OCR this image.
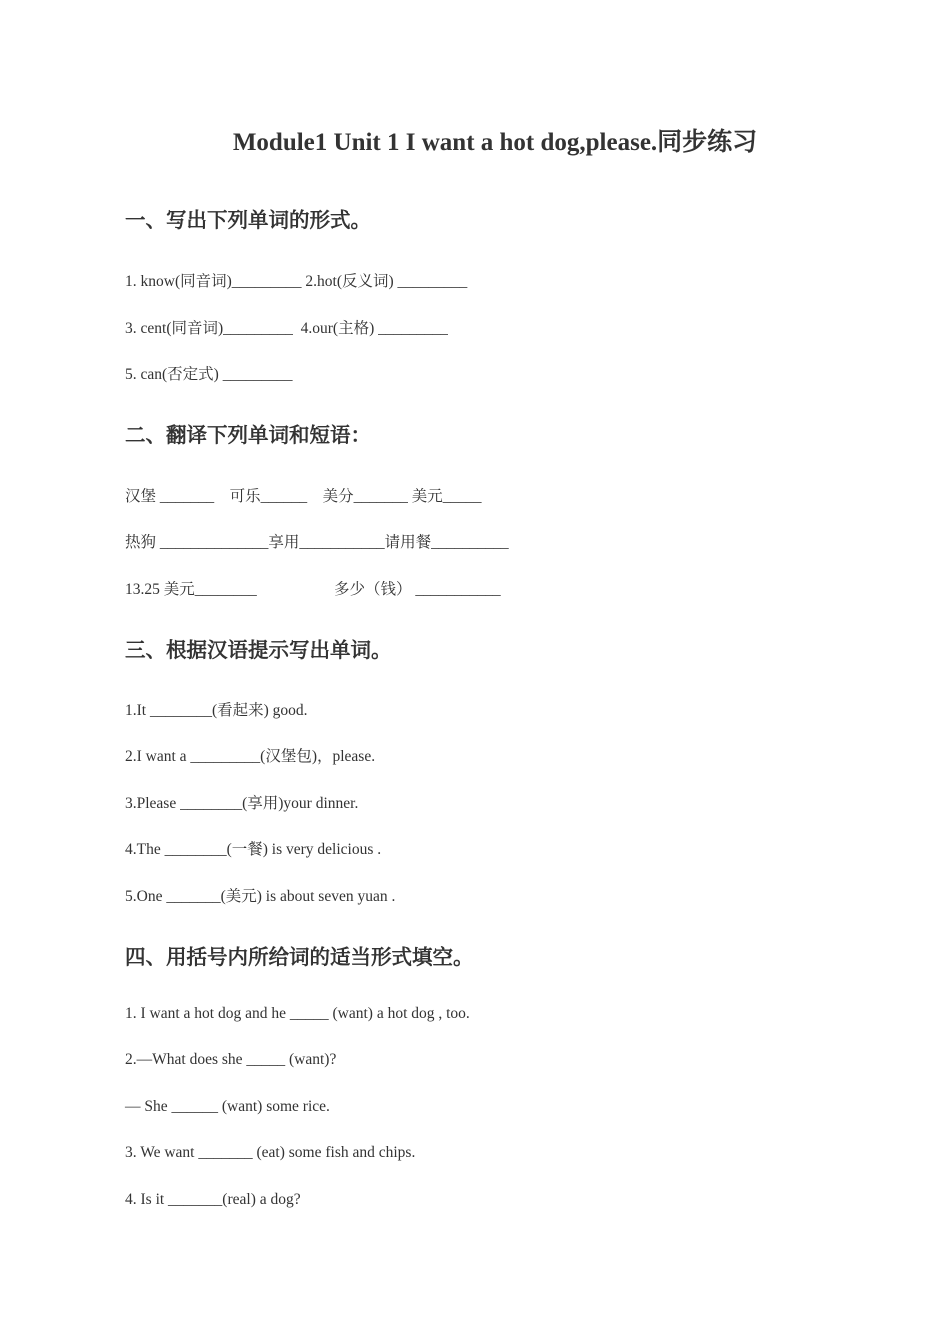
Module1 Unit 1 I want a hot dog,please.同步练习
一、写出下列单词的形式。
1. know(同音词)_________ 2.hot(反义词) _________
3. cent(同音词)_________  4.our(主格) _________
5. can(否定式) _________
二、翻译下列单词和短语：
汉堡 _______    可乐______    美分_______ 美元_____
热狗 ______________享用___________请用餐__________
13.25 美元________	多少（钱） ___________
三、根据汉语提示写出单词。
1.It ________(看起来) good.
2.I want a _________(汉堡包)，please.
3.Please ________(享用)your dinner.
4.The ________(一餐) is very delicious .
5.One _______(美元) is about seven yuan .
四、用括号内所给词的适当形式填空。
1. I want a hot dog and he _____ (want) a hot dog , too.
2.—What does she _____ (want)?
— She ______ (want) some rice.
3. We want _______ (eat) some fish and chips.
4. Is it _______(real) a dog?
